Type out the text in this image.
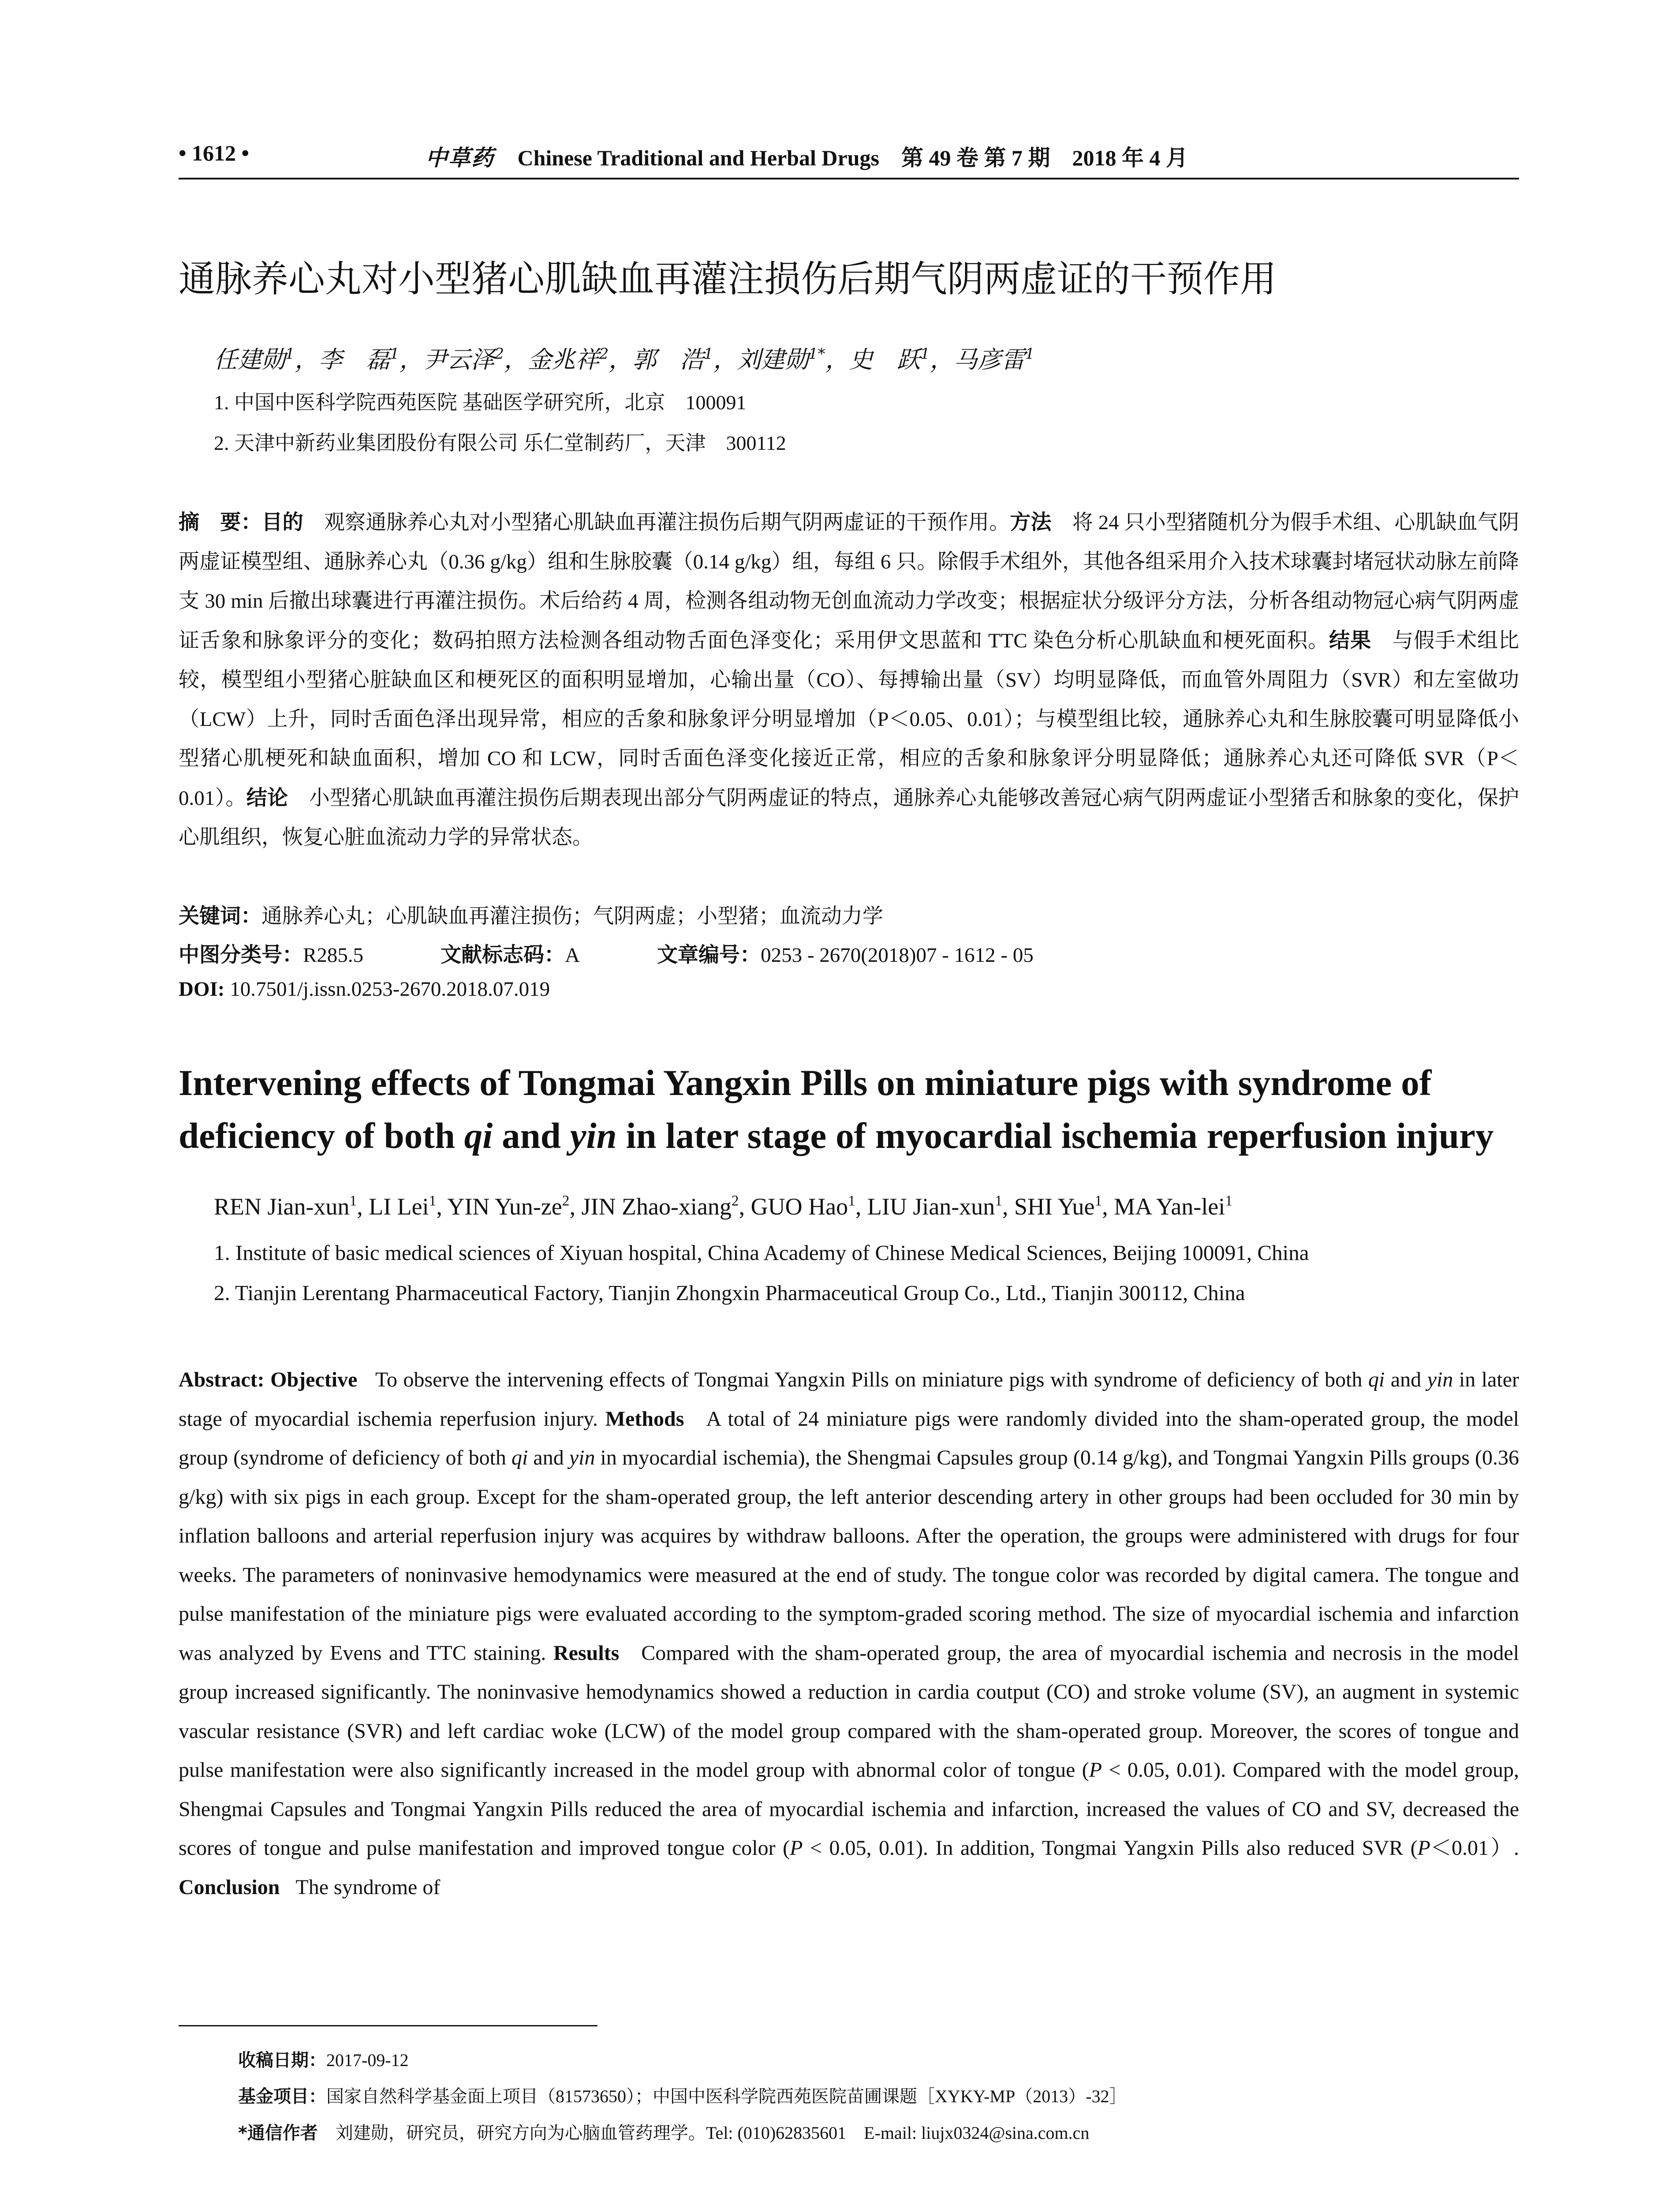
• 1612 •	中草药 Chinese Traditional and Herbal Drugs　第 49 卷 第 7 期　2018 年 4 月
通脉养心丸对小型猪心肌缺血再灌注损伤后期气阴两虚证的干预作用
任建勋$^1$，李　磊$^1$，尹云泽$^2$，金兆祥$^2$，郭　浩$^1$，刘建勋$^{1*}$，史　跃$^1$，马彦雷$^1$
1. 中国中医科学院西苑医院 基础医学研究所，北京　100091
2. 天津中新药业集团股份有限公司 乐仁堂制药厂，天津　300112
摘　要：目的　 观察通脉养心丸对小型猪心肌缺血再灌注损伤后期气阴两虚证的干预作用。方法　 将 24 只小型猪随机分为假手术组、心肌缺血气阴两虚证模型组、通脉养心丸（0.36 g/kg）组和生脉胶囊（0.14 g/kg）组，每组 6 只。除假手术组外，其他各组采用介入技术球囊封堵冠状动脉左前降支 30 min 后撤出球囊进行再灌注损伤。术后给药 4 周，检测各组动物无创血流动力学改变；根据症状分级评分方法，分析各组动物冠心病气阴两虚证舌象和脉象评分的变化；数码拍照方法检测各组动物舌面色泽变化；采用伊文思蓝和 TTC 染色分析心肌缺血和梗死面积。结果　 与假手术组比较，模型组小型猪心脏缺血区和梗死区的面积明显增加，心输出量（CO）、每搏输出量（SV）均明显降低，而血管外周阻力（SVR）和左室做功（LCW）上升，同时舌面色泽出现异常，相应的舌象和脉象评分明显增加（P＜0.05、0.01）；与模型组比较，通脉养心丸和生脉胶囊可明显降低小型猪心肌梗死和缺血面积，增加 CO 和 LCW，同时舌面色泽变化接近正常，相应的舌象和脉象评分明显降低；通脉养心丸还可降低 SVR（P＜0.01）。结论　 小型猪心肌缺血再灌注损伤后期表现出部分气阴两虚证的特点，通脉养心丸能够改善冠心病气阴两虚证小型猪舌和脉象的变化，保护心肌组织，恢复心脏血流动力学的异常状态。
关键词：通脉养心丸；心肌缺血再灌注损伤；气阴两虚；小型猪；血流动力学
中图分类号：R285.5	文献标志码：A	文章编号：0253 - 2670(2018)07 - 1612 - 05
DOI: 10.7501/j.issn.0253-2670.2018.07.019
Intervening effects of Tongmai Yangxin Pills on miniature pigs with syndrome of deficiency of both qi and yin in later stage of myocardial ischemia reperfusion injury
REN Jian-xun$^1$, LI Lei$^1$, YIN Yun-$ze^2$, JIN Zhao-xiang$^2$, GUO Hao$^1$, LIU Jian-xun$^1$, SHI Yue$^1$, MA Yan-lei$^1$
1. Institute of basic medical sciences of Xiyuan hospital, China Academy of Chinese Medical Sciences, Beijing 100091, China
2. Tianjin Lerentang Pharmaceutical Factory, Tianjin Zhongxin Pharmaceutical Group Co., Ltd., Tianjin 300112, China
Abstract: Objective To observe the intervening effects of Tongmai Yangxin Pills on miniature pigs with syndrome of deficiency of both qi and yin in later stage of myocardial ischemia reperfusion injury. Methods A total of 24 miniature pigs were randomly divided into the sham-operated group, the model group (syndrome of deficiency of both qi and yin in myocardial ischemia), the Shengmai Capsules group (0.14 g/kg), and Tongmai Yangxin Pills groups (0.36 g/kg) with six pigs in each group. Except for the sham-operated group, the left anterior descending artery in other groups had been occluded for 30 min by inflation balloons and arterial reperfusion injury was acquires by withdraw balloons. After the operation, the groups were administered with drugs for four weeks. The parameters of noninvasive hemodynamics were measured at the end of study. The tongue color was recorded by digital camera. The tongue and pulse manifestation of the miniature pigs were evaluated according to the symptom-graded scoring method. The size of myocardial ischemia and infarction was analyzed by Evens and TTC staining. Results Compared with the sham-operated group, the area of myocardial ischemia and necrosis in the model group increased significantly. The noninvasive hemodynamics showed a reduction in cardia coutput (CO) and stroke volume (SV), an augment in systemic vascular resistance (SVR) and left cardiac woke (LCW) of the model group compared with the sham-operated group. Moreover, the scores of tongue and pulse manifestation were also significantly increased in the model group with abnormal color of tongue (P < 0.05, 0.01). Compared with the model group, Shengmai Capsules and Tongmai Yangxin Pills reduced the area of myocardial ischemia and infarction, increased the values of CO and SV, decreased the scores of tongue and pulse manifestation and improved tongue color (P < 0.05, 0.01). In addition, Tongmai Yangxin Pills also reduced SVR (P＜0.01）. Conclusion The syndrome of
收稿日期：2017-09-12
基金项目：国家自然科学基金面上项目（81573650）；中国中医科学院西苑医院苗圃课题［XYKY-MP（2013）-32］
*通信作者　刘建勋，研究员，研究方向为心脑血管药理学。Tel: (010)62835601　E-mail: liujx0324@sina.com.cn
